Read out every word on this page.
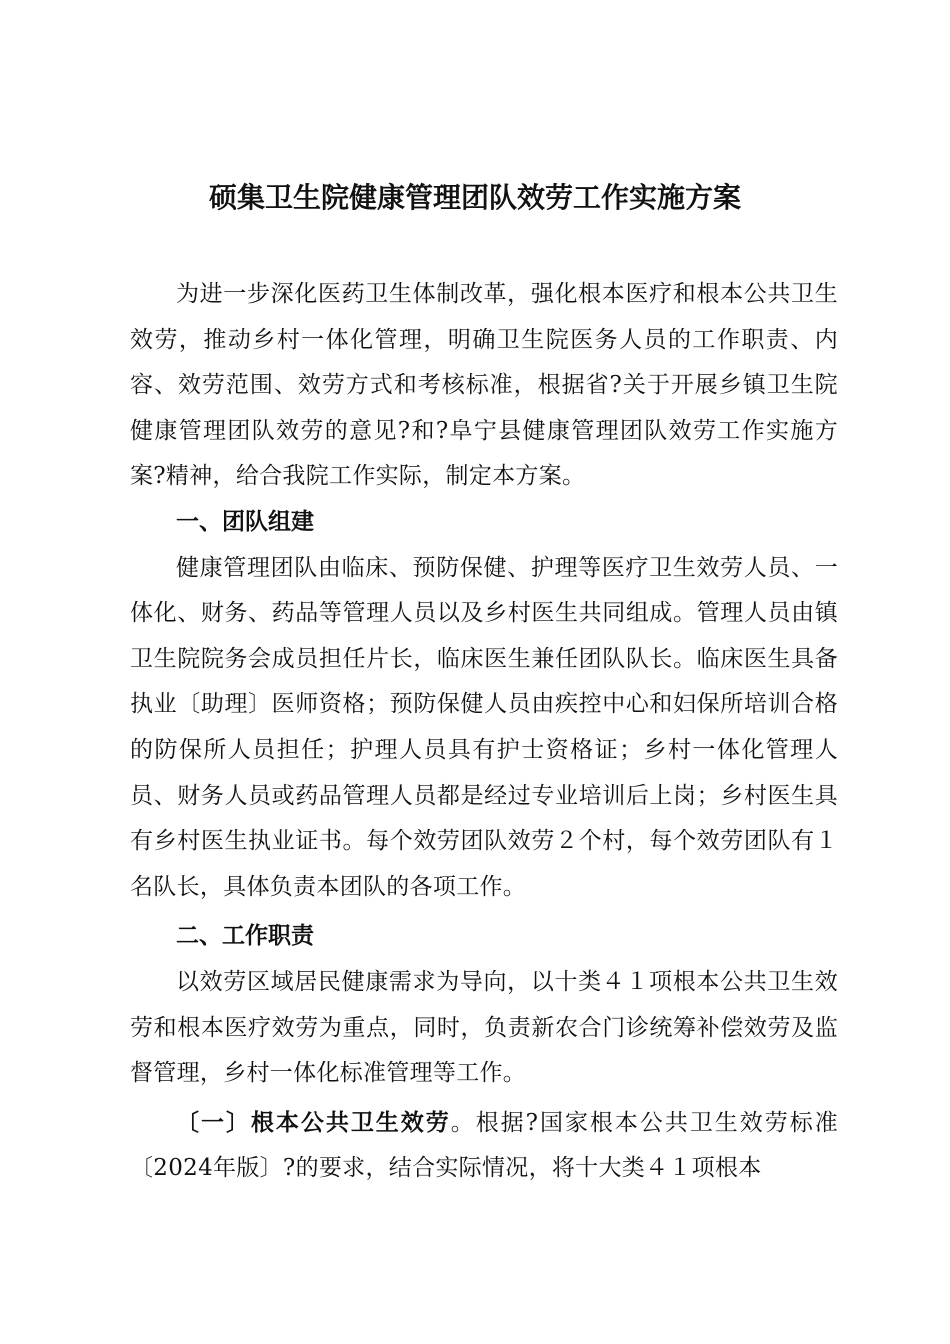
硕集卫生院健康管理团队效劳工作实施方案

为进一步深化医药卫生体制改革，强化根本医疗和根本公共卫生效劳，推动乡村一体化管理，明确卫生院医务人员的工作职责、内容、效劳范围、效劳方式和考核标准，根据省?关于开展乡镇卫生院健康管理团队效劳的意见?和?阜宁县健康管理团队效劳工作实施方案?精神，给合我院工作实际，制定本方案。

一、团队组建

健康管理团队由临床、预防保健、护理等医疗卫生效劳人员、一体化、财务、药品等管理人员以及乡村医生共同组成。管理人员由镇卫生院院务会成员担任片长，临床医生兼任团队队长。临床医生具备执业〔助理〕医师资格；预防保健人员由疾控中心和妇保所培训合格的防保所人员担任；护理人员具有护士资格证；乡村一体化管理人员、财务人员或药品管理人员都是经过专业培训后上岗；乡村医生具有乡村医生执业证书。每个效劳团队效劳２个村，每个效劳团队有１名队长，具体负责本团队的各项工作。

二、工作职责

以效劳区域居民健康需求为导向，以十类４１项根本公共卫生效劳和根本医疗效劳为重点，同时，负责新农合门诊统筹补偿效劳及监督管理，乡村一体化标准管理等工作。

〔一〕根本公共卫生效劳。根据?国家根本公共卫生效劳标准〔2024年版〕?的要求，结合实际情况，将十大类４１项根本
